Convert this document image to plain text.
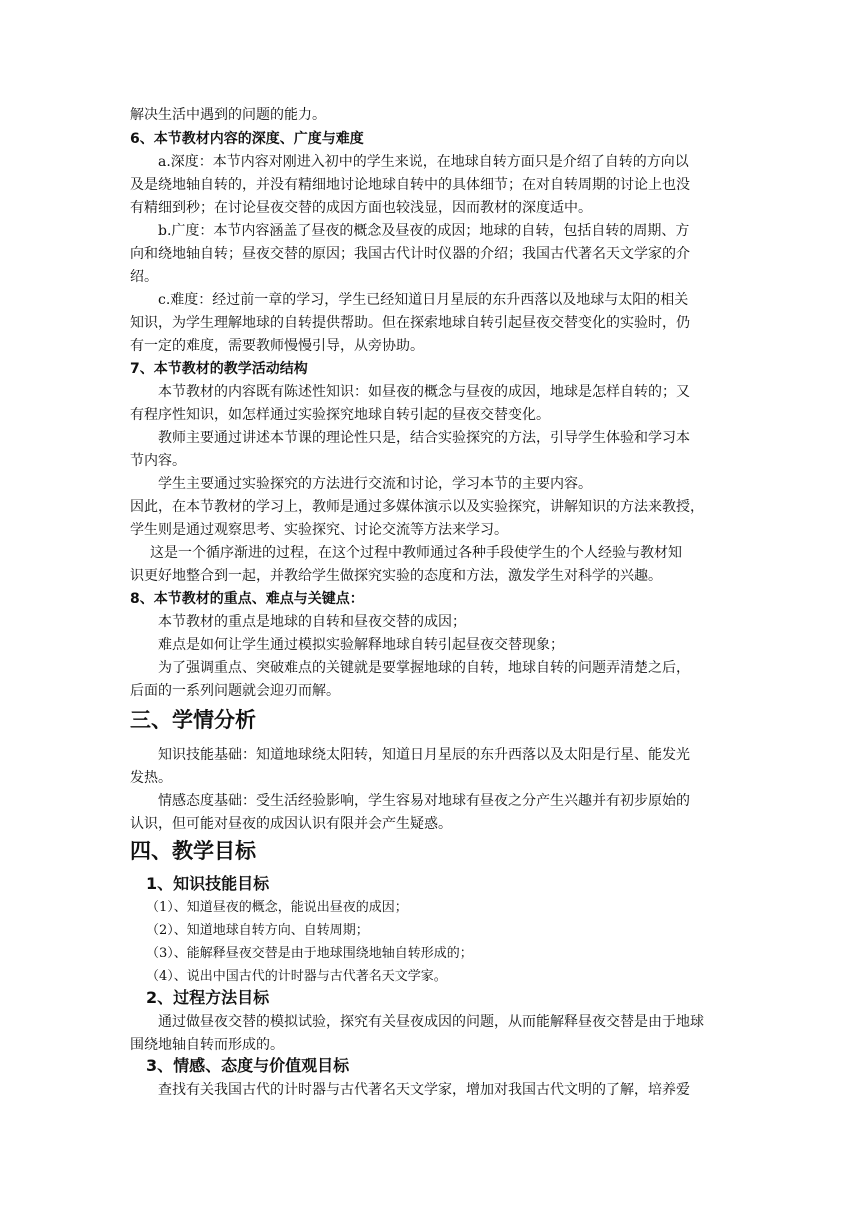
解决生活中遇到的问题的能力。
6、本节教材内容的深度、广度与难度
a.深度：本节内容对刚进入初中的学生来说，在地球自转方面只是介绍了自转的方向以
及是绕地轴自转的，并没有精细地讨论地球自转中的具体细节；在对自转周期的讨论上也没
有精细到秒；在讨论昼夜交替的成因方面也较浅显，因而教材的深度适中。
b.广度：本节内容涵盖了昼夜的概念及昼夜的成因；地球的自转，包括自转的周期、方
向和绕地轴自转；昼夜交替的原因；我国古代计时仪器的介绍；我国古代著名天文学家的介
绍。
c.难度：经过前一章的学习，学生已经知道日月星辰的东升西落以及地球与太阳的相关
知识，为学生理解地球的自转提供帮助。但在探索地球自转引起昼夜交替变化的实验时，仍
有一定的难度，需要教师慢慢引导，从旁协助。
7、本节教材的教学活动结构
本节教材的内容既有陈述性知识：如昼夜的概念与昼夜的成因，地球是怎样自转的；又
有程序性知识，如怎样通过实验探究地球自转引起的昼夜交替变化。
教师主要通过讲述本节课的理论性只是，结合实验探究的方法，引导学生体验和学习本
节内容。
学生主要通过实验探究的方法进行交流和讨论，学习本节的主要内容。
因此，在本节教材的学习上，教师是通过多媒体演示以及实验探究，讲解知识的方法来教授，
学生则是通过观察思考、实验探究、讨论交流等方法来学习。
这是一个循序渐进的过程，在这个过程中教师通过各种手段使学生的个人经验与教材知
识更好地整合到一起，并教给学生做探究实验的态度和方法，激发学生对科学的兴趣。
8、本节教材的重点、难点与关键点：
本节教材的重点是地球的自转和昼夜交替的成因；
难点是如何让学生通过模拟实验解释地球自转引起昼夜交替现象；
为了强调重点、突破难点的关键就是要掌握地球的自转，地球自转的问题弄清楚之后，
后面的一系列问题就会迎刃而解。
三、学情分析
知识技能基础：知道地球绕太阳转，知道日月星辰的东升西落以及太阳是行星、能发光
发热。
情感态度基础：受生活经验影响，学生容易对地球有昼夜之分产生兴趣并有初步原始的
认识，但可能对昼夜的成因认识有限并会产生疑惑。
四、教学目标
1、知识技能目标
（1）、知道昼夜的概念，能说出昼夜的成因；
（2）、知道地球自转方向、自转周期；
（3）、能解释昼夜交替是由于地球围绕地轴自转形成的；
（4）、说出中国古代的计时器与古代著名天文学家。
2、过程方法目标
通过做昼夜交替的模拟试验，探究有关昼夜成因的问题，从而能解释昼夜交替是由于地球
围绕地轴自转而形成的。
3、情感、态度与价值观目标
查找有关我国古代的计时器与古代著名天文学家，增加对我国古代文明的了解，培养爱
